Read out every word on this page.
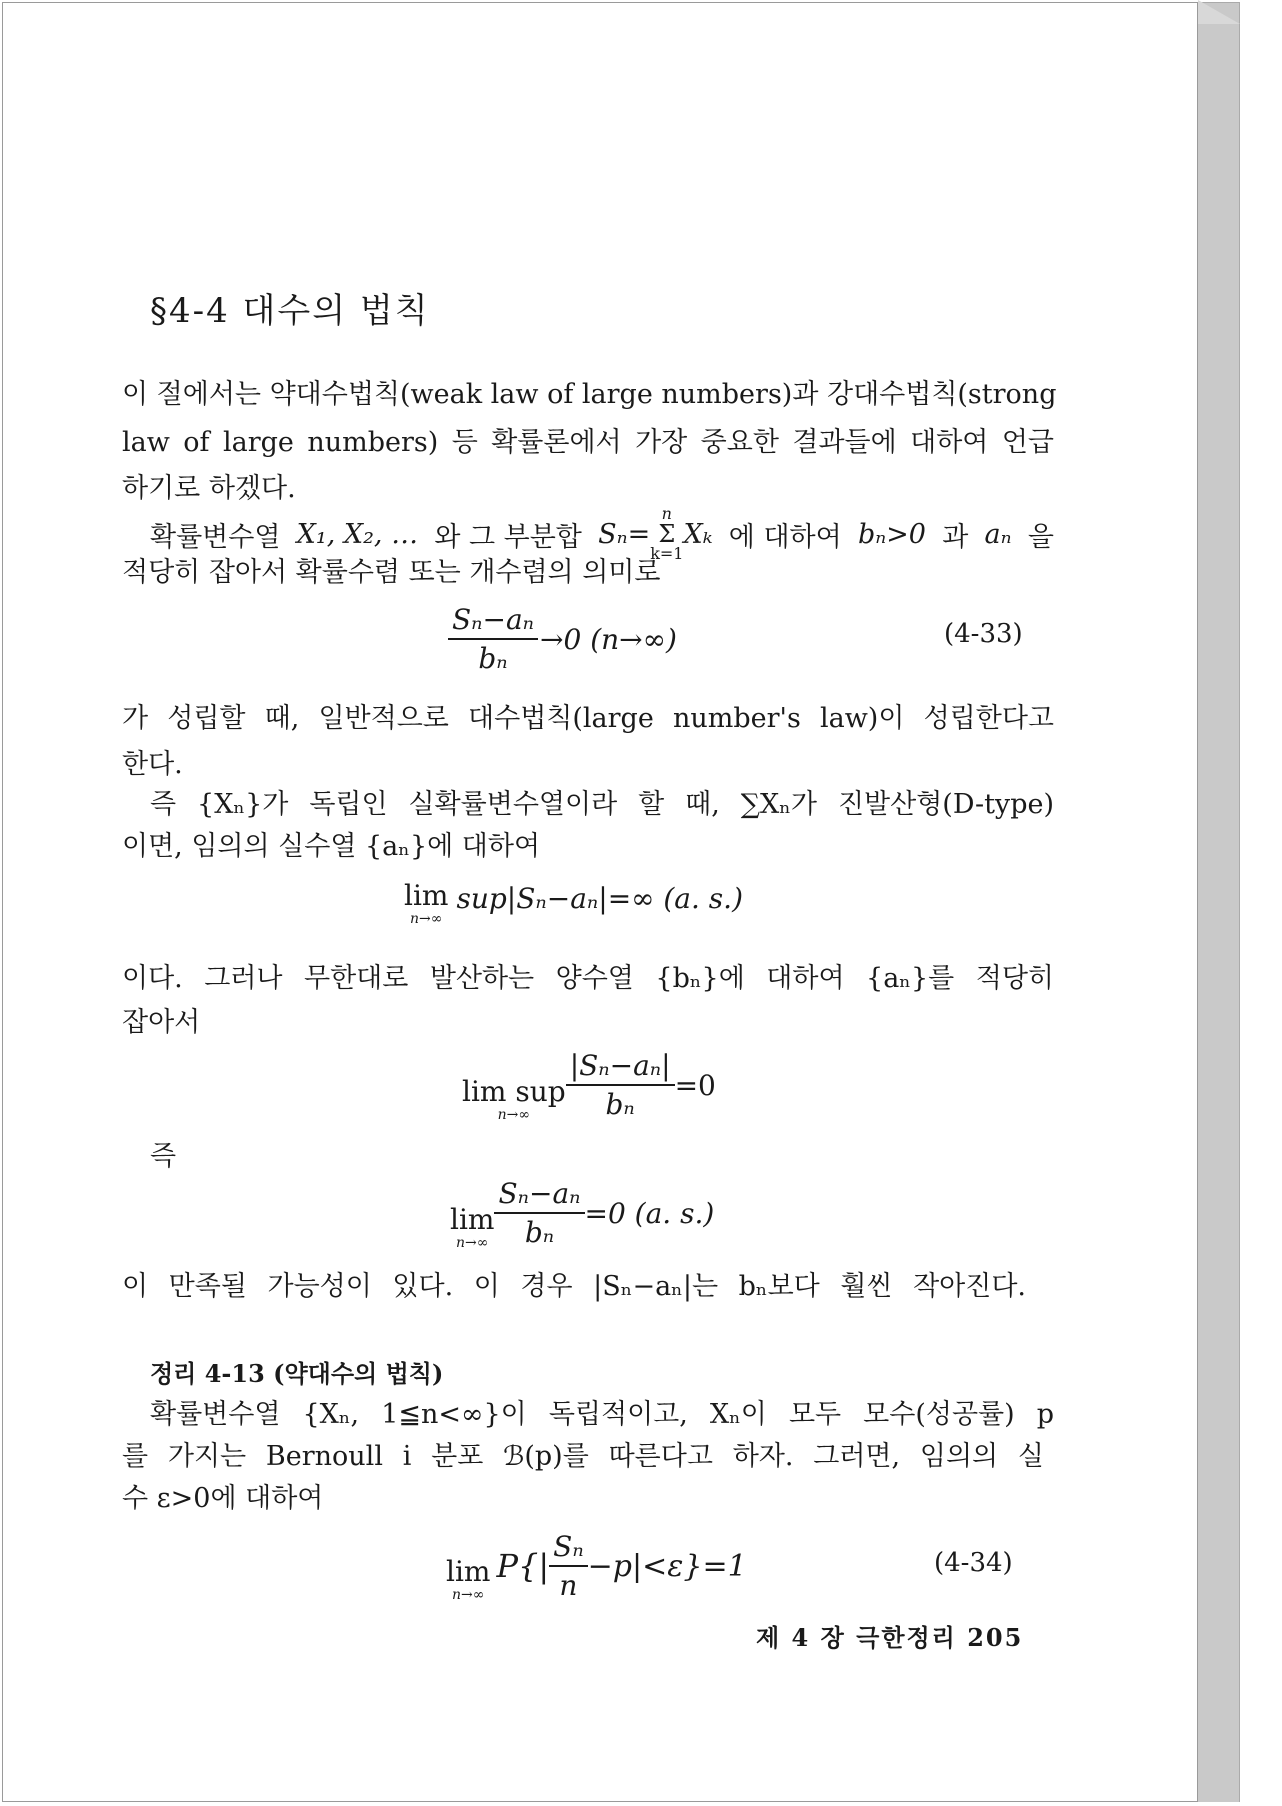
§4-4 대수의 법칙
이 절에서는 약대수법칙(weak law of large numbers)과 강대수법칙(strong
law of large numbers) 등 확률론에서 가장 중요한 결과들에 대하여 언급
하기로 하겠다.
확률변수열 X₁, X₂, … 와 그 부분합 Sₙ=
n
Σ
k=1
Xₖ 에 대하여 bₙ>0 과 aₙ 을
적당히 잡아서 확률수렴 또는 개수렴의 의미로
$\frac{\text{Sₙ−aₙ}}{\text{bₙ}} \to 0$ (n→∞)	(4-33)
가 성립할 때, 일반적으로 대수법칙(large number's law)이 성립한다고
한다.
즉 {Xₙ}가 독립인 실확률변수열이라 할 때, ∑Xₙ가 진발산형(D-type)
이면, 임의의 실수열 {aₙ}에 대하여
lim
n→∞
sup|Sₙ−aₙ|=∞ (a. s.)
이다. 그러나 무한대로 발산하는 양수열 {bₙ}에 대하여 {aₙ}를 적당히
잡아서
lim sup
n→∞	$\frac{\text{|Sₙ−aₙ|}}{\text{bₙ}} =0$
즉
lim
$n\to\infty \frac{\text{Sₙ−aₙ}}{\text{bₙ}} =0$ (a. s.)
이 만족될 가능성이 있다. 이 경우 |Sₙ−aₙ|는 bₙ보다 훨씬 작아진다.
정리 4-13 (약대수의 법칙)
확률변수열 {Xₙ, 1≦n<∞}이 독립적이고, Xₙ이 모두 모수(성공률) p
를 가지는 Bernoull i 분포 ℬ(p)를 따른다고 하자. 그러면, 임의의 실
수 ε>0에 대하여
lim
n→∞
$P\{| \frac{\text{Sₙ}}{n} -p|<\varepsilon\}=1$	(4-34)
제 4 장 극한정리 205
